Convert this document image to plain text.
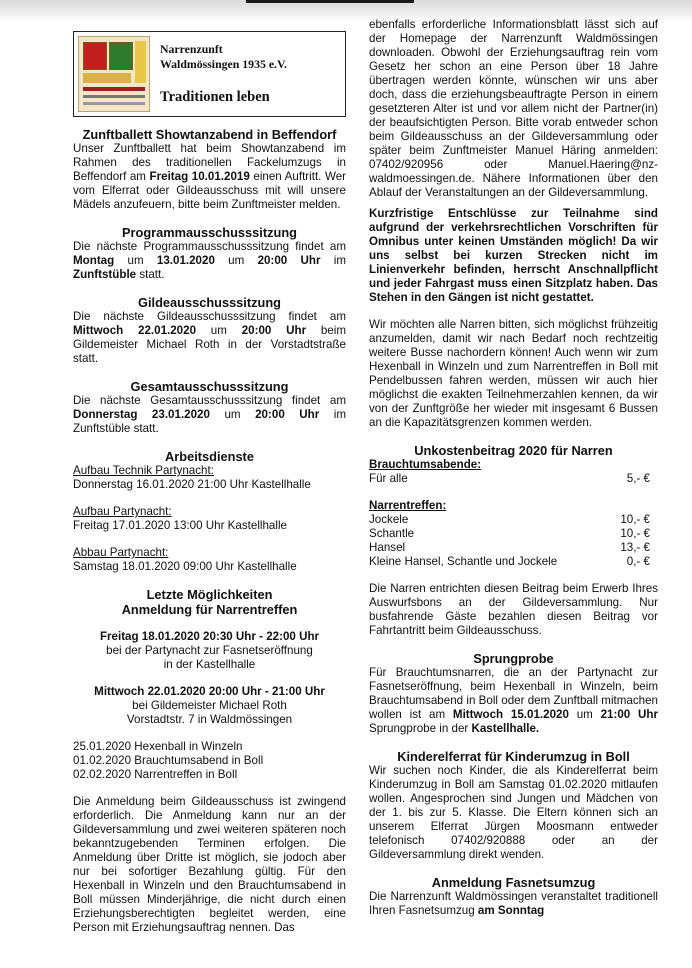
Narrenzunft
Waldmössingen 1935 e.V.
Traditionen leben

Zunftballett Showtanzabend in Beffendorf

Unser Zunftballett hat beim Showtanzabend im Rahmen des traditionellen Fackelumzugs in Beffendorf am Freitag 10.01.2019 einen Auftritt. Wer vom Elferrat oder Gildeausschuss mit will unsere Mädels anzufeuern, bitte beim Zunftmeister melden.

Programmausschusssitzung

Die nächste Programmausschusssitzung findet am Montag um 13.01.2020 um 20:00 Uhr im Zunftstüble statt.

Gildeausschusssitzung

Die nächste Gildeausschusssitzung findet am Mittwoch 22.01.2020 um 20:00 Uhr beim Gildemeister Michael Roth in der Vorstadtstraße statt.

Gesamtausschusssitzung

Die nächste Gesamtausschusssitzung findet am Donnerstag 23.01.2020 um 20:00 Uhr im Zunftstüble statt.

Arbeitsdienste

Aufbau Technik Partynacht:
Donnerstag 16.01.2020 21:00 Uhr Kastellhalle
Aufbau Partynacht:
Freitag 17.01.2020 13:00 Uhr Kastellhalle
Abbau Partynacht:
Samstag 18.01.2020 09:00 Uhr Kastellhalle

Letzte Möglichkeiten

Anmeldung für Narrentreffen

Freitag 18.01.2020 20:30 Uhr - 22:00 Uhr
bei der Partynacht zur Fasnetseröffnung
in der Kastellhalle

Mittwoch 22.01.2020 20:00 Uhr - 21:00 Uhr
bei Gildemeister Michael Roth
Vorstadtstr. 7 in Waldmössingen

25.01.2020 Hexenball in Winzeln
01.02.2020 Brauchtumsabend in Boll
02.02.2020 Narrentreffen in Boll

Die Anmeldung beim Gildeausschuss ist zwingend erforderlich. Die Anmeldung kann nur an der Gildeversammlung und zwei weiteren späteren noch bekanntzugebenden Terminen erfolgen. Die Anmeldung über Dritte ist möglich, sie jodoch aber nur bei sofortiger Bezahlung gültig. Für den Hexenball in Winzeln und den Brauchtumsabend in Boll müssen Minderjährige, die nicht durch einen Erziehungsberechtigten begleitet werden, eine Person mit Erziehungsauftrag nennen. Das

ebenfalls erforderliche Informationsblatt lässt sich auf der Homepage der Narrenzunft Waldmössingen downloaden. Obwohl der Erziehungsauftrag rein vom Gesetz her schon an eine Person über 18 Jahre übertragen werden könnte, wünschen wir uns aber doch, dass die erziehungsbeauftragte Person in einem gesetzteren Alter ist und vor allem nicht der Partner(in) der beaufsichtigten Person. Bitte vorab entweder schon beim Gildeausschuss an der Gildeversammlung oder später beim Zunftmeister Manuel Häring anmelden: 07402/920956 oder Manuel.Haering@nz-waldmoessingen.de. Nähere Informationen über den Ablauf der Veranstaltungen an der Gildeversammlung.

Kurzfristige Entschlüsse zur Teilnahme sind aufgrund der verkehrsrechtlichen Vorschriften für Omnibus unter keinen Umständen möglich! Da wir uns selbst bei kurzen Strecken nicht im Linienverkehr befinden, herrscht Anschnallpflicht und jeder Fahrgast muss einen Sitzplatz haben. Das Stehen in den Gängen ist nicht gestattet.

Wir möchten alle Narren bitten, sich möglichst frühzeitig anzumelden, damit wir nach Bedarf noch rechtzeitig weitere Busse nachordern können! Auch wenn wir zum Hexenball in Winzeln und zum Narrentreffen in Boll mit Pendelbussen fahren werden, müssen wir auch hier möglichst die exakten Teilnehmerzahlen kennen, da wir von der Zunftgröße her wieder mit insgesamt 6 Bussen an die Kapazitätsgrenzen kommen werden.

Unkostenbeitrag 2020 für Narren

Brauchtumsabende:
Für alle	5,- €
Narrentreffen:
Jockele	10,- €
Schantle	10,- €
Hansel	13,- €
Kleine Hansel, Schantle und Jockele	0,- €

Die Narren entrichten diesen Beitrag beim Erwerb Ihres Auswurfsbons an der Gildeversammlung. Nur busfahrende Gäste bezahlen diesen Beitrag vor Fahrtantritt beim Gildeausschuss.

Sprungprobe

Für Brauchtumsnarren, die an der Partynacht zur Fasnetseröffnung, beim Hexenball in Winzeln, beim Brauchtumsabend in Boll oder dem Zunftball mitmachen wollen ist am Mittwoch 15.01.2020 um 21:00 Uhr Sprungprobe in der Kastellhalle.

Kinderelferrat für Kinderumzug in Boll

Wir suchen noch Kinder, die als Kinderelferrat beim Kinderumzug in Boll am Samstag 01.02.2020 mitlaufen wollen. Angesprochen sind Jungen und Mädchen von der 1. bis zur 5. Klasse. Die Eltern können sich an unserem Elferrat Jürgen Moosmann entweder telefonisch 07402/920888 oder an der Gildeversammlung direkt wenden.

Anmeldung Fasnetsumzug

Die Narrenzunft Waldmössingen veranstaltet traditionell Ihren Fasnetsumzug am Sonntag
